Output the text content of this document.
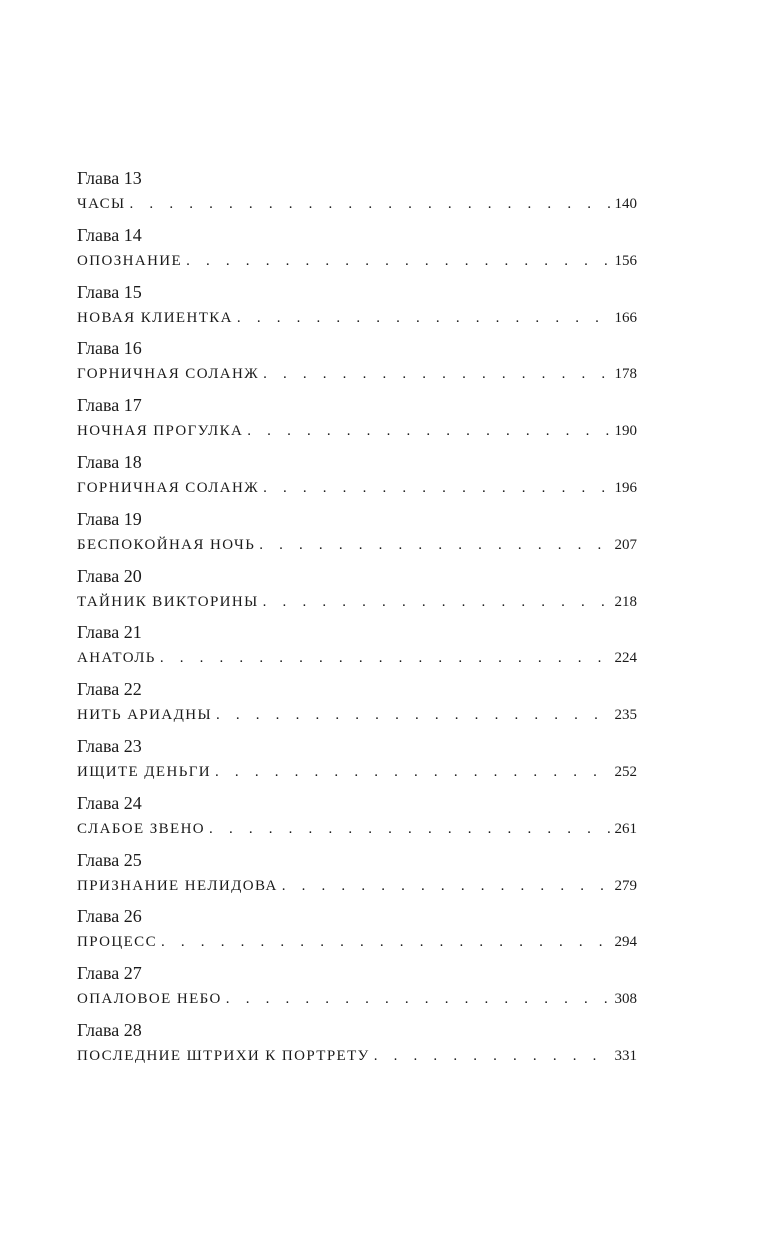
Глава 13
ЧАСЫ . . .	140
Глава 14
ОПОЗНАНИЕ . . .	156
Глава 15
НОВАЯ КЛИЕНТКА . . .	166
Глава 16
ГОРНИЧНАЯ СОЛАНЖ . . .	178
Глава 17
НОЧНАЯ ПРОГУЛКА . . .	190
Глава 18
ГОРНИЧНАЯ СОЛАНЖ . . .	196
Глава 19
БЕСПОКОЙНАЯ НОЧЬ . . .	207
Глава 20
ТАЙНИК ВИКТОРИНЫ . . .	218
Глава 21
АНАТОЛЬ . . .	224
Глава 22
НИТЬ АРИАДНЫ . . .	235
Глава 23
ИЩИТЕ ДЕНЬГИ . . .	252
Глава 24
СЛАБОЕ ЗВЕНО . . .	261
Глава 25
ПРИЗНАНИЕ НЕЛИДОВА . . .	279
Глава 26
ПРОЦЕСС . . .	294
Глава 27
ОПАЛОВОЕ НЕБО . . .	308
Глава 28
ПОСЛЕДНИЕ ШТРИХИ К ПОРТРЕТУ . . .	331
